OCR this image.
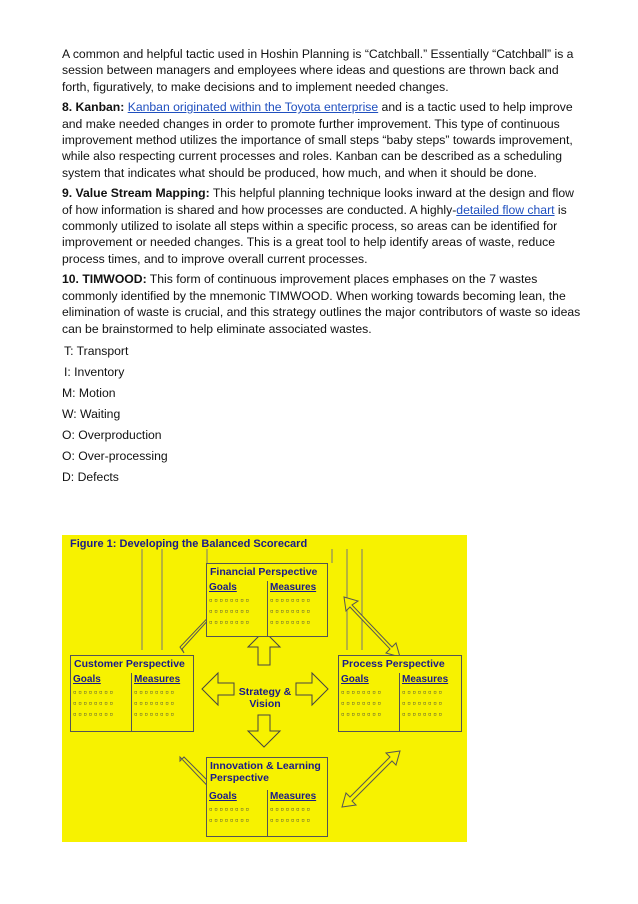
A common and helpful tactic used in Hoshin Planning is “Catchball.” Essentially “Catchball” is a session between managers and employees where ideas and questions are thrown back and forth, figuratively, to make decisions and to implement needed changes.

8. Kanban: Kanban originated within the Toyota enterprise and is a tactic used to help improve and make needed changes in order to promote further improvement. This type of continuous improvement method utilizes the importance of small steps “baby steps” towards improvement, while also respecting current processes and roles. Kanban can be described as a scheduling system that indicates what should be produced, how much, and when it should be done.

9. Value Stream Mapping: This helpful planning technique looks inward at the design and flow of how information is shared and how processes are conducted. A highly-detailed flow chart is commonly utilized to isolate all steps within a specific process, so areas can be identified for improvement or needed changes. This is a great tool to help identify areas of waste, reduce process times, and to improve overall current processes.

10. TIMWOOD: This form of continuous improvement places emphases on the 7 wastes commonly identified by the mnemonic TIMWOOD. When working towards becoming lean, the elimination of waste is crucial, and this strategy outlines the major contributors of waste so ideas can be brainstormed to help eliminate associated wastes.

T: Transport
I: Inventory
M: Motion
W: Waiting
O: Overproduction
O: Over-processing
D: Defects
Figure 1: Developing the Balanced Scorecard
Financial Perspective
Goals
▫▫▫▫▫▫▫▫
▫▫▫▫▫▫▫▫
▫▫▫▫▫▫▫▫
Measures
▫▫▫▫▫▫▫▫
▫▫▫▫▫▫▫▫
▫▫▫▫▫▫▫▫
Customer Perspective
Goals
▫▫▫▫▫▫▫▫
▫▫▫▫▫▫▫▫
▫▫▫▫▫▫▫▫
Measures
▫▫▫▫▫▫▫▫
▫▫▫▫▫▫▫▫
▫▫▫▫▫▫▫▫
Process Perspective
Goals
▫▫▫▫▫▫▫▫
▫▫▫▫▫▫▫▫
▫▫▫▫▫▫▫▫
Measures
▫▫▫▫▫▫▫▫
▫▫▫▫▫▫▫▫
▫▫▫▫▫▫▫▫
Strategy & Vision
Innovation & Learning Perspective
Goals
▫▫▫▫▫▫▫▫
▫▫▫▫▫▫▫▫
Measures
▫▫▫▫▫▫▫▫
▫▫▫▫▫▫▫▫
